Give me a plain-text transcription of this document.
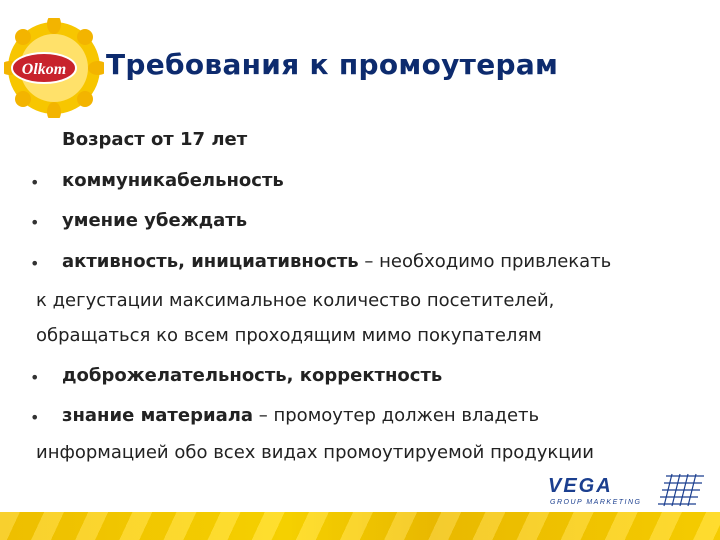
Olkom Требования к промоутерам
Возраст от 17 лет
• коммуникабельность
• умение убеждать
• активность, инициативность – необходимо привлекать
к дегустации максимальное количество посетителей,
обращаться ко всем проходящим мимо покупателям
• доброжелательность, корректность
• знание материала – промоутер должен владеть
информацией обо всех видах промоутируемой продукции
VEGA
GROUP MARKETING
